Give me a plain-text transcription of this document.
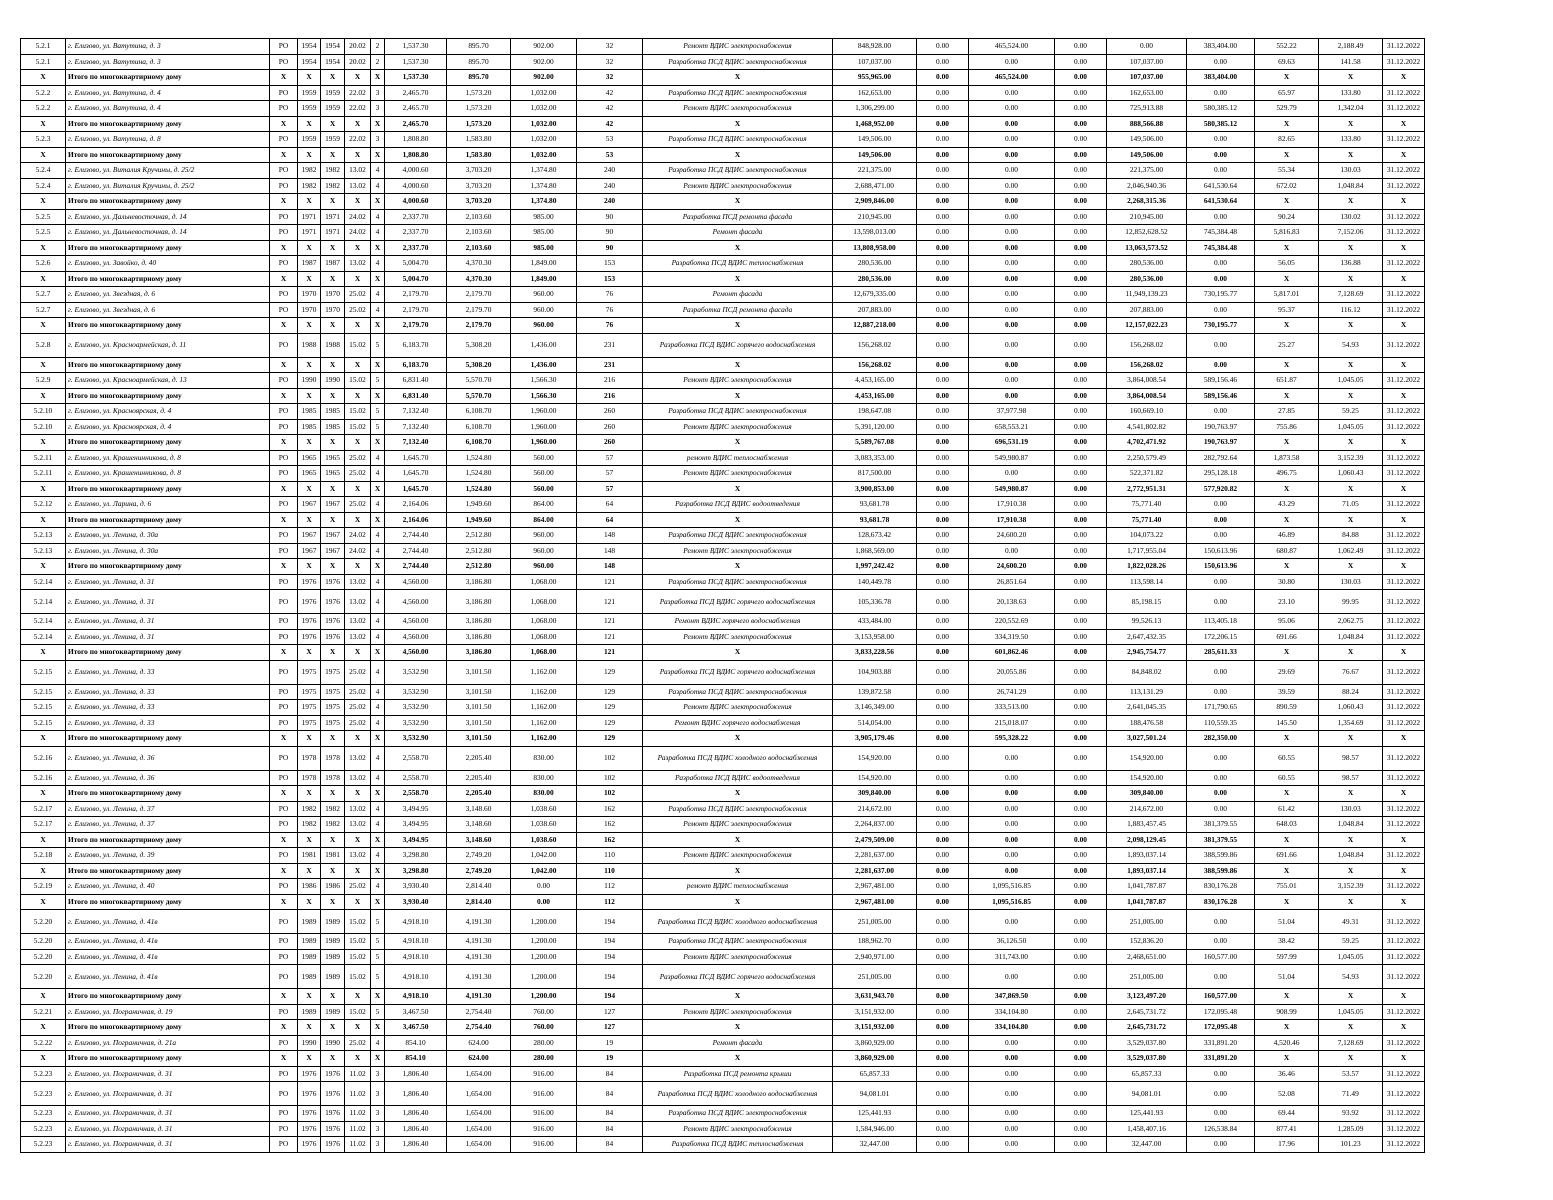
5.2.1	г. Елизово, ул. Ватутина, д. 3	РО	1954	1954	20.02	2	1,537.30	895.70	902.00	32	Ремонт ВДИС электроснабжения	848,928.00	0.00	465,524.00	0.00	0.00	383,404.00	552.22	2,188.49	31.12.2022
5.2.1	г. Елизово, ул. Ватутина, д. 3	РО	1954	1954	20.02	2	1,537.30	895.70	902.00	32	Разработка ПСД ВДИС электроснабжения	107,037.00	0.00	0.00	0.00	107,037.00	0.00	69.63	141.58	31.12.2022
X	Итого по многоквартирному дому	X	X	X	X	X	1,537.30	895.70	902.00	32	X	955,965.00	0.00	465,524.00	0.00	107,037.00	383,404.00	X	X	X
5.2.2	г. Елизово, ул. Ватутина, д. 4	РО	1959	1959	22.02	3	2,465.70	1,573.20	1,032.00	42	Разработка ПСД ВДИС электроснабжения	162,653.00	0.00	0.00	0.00	162,653.00	0.00	65.97	133.80	31.12.2022
5.2.2	г. Елизово, ул. Ватутина, д. 4	РО	1959	1959	22.02	3	2,465.70	1,573.20	1,032.00	42	Ремонт ВДИС электроснабжения	1,306,299.00	0.00	0.00	0.00	725,913.88	580,385.12	529.79	1,342.04	31.12.2022
X	Итого по многоквартирному дому	X	X	X	X	X	2,465.70	1,573.20	1,032.00	42	X	1,468,952.00	0.00	0.00	0.00	888,566.88	580,385.12	X	X	X
5.2.3	г. Елизово, ул. Ватутина, д. 8	РО	1959	1959	22.02	3	1,808.80	1,583.80	1,032.00	53	Разработка ПСД ВДИС электроснабжения	149,506.00	0.00	0.00	0.00	149,506.00	0.00	82.65	133.80	31.12.2022
X	Итого по многоквартирному дому	X	X	X	X	X	1,808.80	1,583.80	1,032.00	53	X	149,506.00	0.00	0.00	0.00	149,506.00	0.00	X	X	X
5.2.4	г. Елизово, ул. Виталия Кручины, д. 25/2	РО	1982	1982	13.02	4	4,000.60	3,703.20	1,374.80	240	Разработка ПСД ВДИС электроснабжения	221,375.00	0.00	0.00	0.00	221,375.00	0.00	55.34	130.03	31.12.2022
5.2.4	г. Елизово, ул. Виталия Кручины, д. 25/2	РО	1982	1982	13.02	4	4,000.60	3,703.20	1,374.80	240	Ремонт ВДИС электроснабжения	2,688,471.00	0.00	0.00	0.00	2,046,940.36	641,530.64	672.02	1,048.84	31.12.2022
X	Итого по многоквартирному дому	X	X	X	X	X	4,000.60	3,703.20	1,374.80	240	X	2,909,846.00	0.00	0.00	0.00	2,268,315.36	641,530.64	X	X	X
5.2.5	г. Елизово, ул. Дальневосточная, д. 14	РО	1971	1971	24.02	4	2,337.70	2,103.60	985.00	90	Разработка ПСД ремонта фасада	210,945.00	0.00	0.00	0.00	210,945.00	0.00	90.24	130.02	31.12.2022
5.2.5	г. Елизово, ул. Дальневосточная, д. 14	РО	1971	1971	24.02	4	2,337.70	2,103.60	985.00	90	Ремонт фасада	13,598,013.00	0.00	0.00	0.00	12,852,628.52	745,384.48	5,816.83	7,152.06	31.12.2022
X	Итого по многоквартирному дому	X	X	X	X	X	2,337.70	2,103.60	985.00	90	X	13,808,958.00	0.00	0.00	0.00	13,063,573.52	745,384.48	X	X	X
5.2.6	г. Елизово, ул. Завойко, д. 40	РО	1987	1987	13.02	4	5,004.70	4,370.30	1,849.00	153	Разработка ПСД ВДИС теплоснабжения	280,536.00	0.00	0.00	0.00	280,536.00	0.00	56.05	136.88	31.12.2022
X	Итого по многоквартирному дому	X	X	X	X	X	5,004.70	4,370.30	1,849.00	153	X	280,536.00	0.00	0.00	0.00	280,536.00	0.00	X	X	X
5.2.7	г. Елизово, ул. Звездная, д. 6	РО	1970	1970	25.02	4	2,179.70	2,179.70	960.00	76	Ремонт фасада	12,679,335.00	0.00	0.00	0.00	11,949,139.23	730,195.77	5,817.01	7,128.69	31.12.2022
5.2.7	г. Елизово, ул. Звездная, д. 6	РО	1970	1970	25.02	4	2,179.70	2,179.70	960.00	76	Разработка ПСД ремонта фасада	207,883.00	0.00	0.00	0.00	207,883.00	0.00	95.37	116.12	31.12.2022
X	Итого по многоквартирному дому	X	X	X	X	X	2,179.70	2,179.70	960.00	76	X	12,887,218.00	0.00	0.00	0.00	12,157,022.23	730,195.77	X	X	X
5.2.8	г. Елизово, ул. Красноармейская, д. 11	РО	1988	1988	15.02	5	6,183.70	5,308.20	1,436.00	231	Разработка ПСД ВДИС горячего водоснабжения	156,268.02	0.00	0.00	0.00	156,268.02	0.00	25.27	54.93	31.12.2022
X	Итого по многоквартирному дому	X	X	X	X	X	6,183.70	5,308.20	1,436.00	231	X	156,268.02	0.00	0.00	0.00	156,268.02	0.00	X	X	X
5.2.9	г. Елизово, ул. Красноармейская, д. 13	РО	1990	1990	15.02	5	6,831.40	5,570.70	1,566.30	216	Ремонт ВДИС электроснабжения	4,453,165.00	0.00	0.00	0.00	3,864,008.54	589,156.46	651.87	1,045.05	31.12.2022
X	Итого по многоквартирному дому	X	X	X	X	X	6,831.40	5,570.70	1,566.30	216	X	4,453,165.00	0.00	0.00	0.00	3,864,008.54	589,156.46	X	X	X
5.2.10	г. Елизово, ул. Красноярская, д. 4	РО	1985	1985	15.02	5	7,132.40	6,108.70	1,960.00	260	Разработка ПСД ВДИС электроснабжения	198,647.08	0.00	37,977.98	0.00	160,669.10	0.00	27.85	59.25	31.12.2022
5.2.10	г. Елизово, ул. Красноярская, д. 4	РО	1985	1985	15.02	5	7,132.40	6,108.70	1,960.00	260	Ремонт ВДИС электроснабжения	5,391,120.00	0.00	658,553.21	0.00	4,541,802.82	190,763.97	755.86	1,045.05	31.12.2022
X	Итого по многоквартирному дому	X	X	X	X	X	7,132.40	6,108.70	1,960.00	260	X	5,589,767.08	0.00	696,531.19	0.00	4,702,471.92	190,763.97	X	X	X
5.2.11	г. Елизово, ул. Крашенинникова, д. 8	РО	1965	1965	25.02	4	1,645.70	1,524.80	560.00	57	ремонт ВДИС теплоснабжения	3,083,353.00	0.00	549,980.87	0.00	2,250,579.49	282,792.64	1,873.58	3,152.39	31.12.2022
5.2.11	г. Елизово, ул. Крашенинникова, д. 8	РО	1965	1965	25.02	4	1,645.70	1,524.80	560.00	57	Ремонт ВДИС электроснабжения	817,500.00	0.00	0.00	0.00	522,371.82	295,128.18	496.75	1,060.43	31.12.2022
X	Итого по многоквартирному дому	X	X	X	X	X	1,645.70	1,524.80	560.00	57	X	3,900,853.00	0.00	549,980.87	0.00	2,772,951.31	577,920.82	X	X	X
5.2.12	г. Елизово, ул. Ларина, д. 6	РО	1967	1967	25.02	4	2,164.06	1,949.60	864.00	64	Разработка ПСД ВДИС водоотведения	93,681.78	0.00	17,910.38	0.00	75,771.40	0.00	43.29	71.05	31.12.2022
X	Итого по многоквартирному дому	X	X	X	X	X	2,164.06	1,949.60	864.00	64	X	93,681.78	0.00	17,910.38	0.00	75,771.40	0.00	X	X	X
5.2.13	г. Елизово, ул. Ленина, д. 30а	РО	1967	1967	24.02	4	2,744.40	2,512.80	960.00	148	Разработка ПСД ВДИС электроснабжения	128,673.42	0.00	24,600.20	0.00	104,073.22	0.00	46.89	84.88	31.12.2022
5.2.13	г. Елизово, ул. Ленина, д. 30а	РО	1967	1967	24.02	4	2,744.40	2,512.80	960.00	148	Ремонт ВДИС электроснабжения	1,868,569.00	0.00	0.00	0.00	1,717,955.04	150,613.96	680.87	1,062.49	31.12.2022
X	Итого по многоквартирному дому	X	X	X	X	X	2,744.40	2,512.80	960.00	148	X	1,997,242.42	0.00	24,600.20	0.00	1,822,028.26	150,613.96	X	X	X
5.2.14	г. Елизово, ул. Ленина, д. 31	РО	1976	1976	13.02	4	4,560.00	3,186.80	1,068.00	121	Разработка ПСД ВДИС электроснабжения	140,449.78	0.00	26,851.64	0.00	113,598.14	0.00	30.80	130.03	31.12.2022
5.2.14	г. Елизово, ул. Ленина, д. 31	РО	1976	1976	13.02	4	4,560.00	3,186.80	1,068.00	121	Разработка ПСД ВДИС горячего водоснабжения	105,336.78	0.00	20,138.63	0.00	85,198.15	0.00	23.10	99.95	31.12.2022
5.2.14	г. Елизово, ул. Ленина, д. 31	РО	1976	1976	13.02	4	4,560.00	3,186.80	1,068.00	121	Ремонт ВДИС горячего водоснабжения	433,484.00	0.00	220,552.69	0.00	99,526.13	113,405.18	95.06	2,062.75	31.12.2022
5.2.14	г. Елизово, ул. Ленина, д. 31	РО	1976	1976	13.02	4	4,560.00	3,186.80	1,068.00	121	Ремонт ВДИС электроснабжения	3,153,958.00	0.00	334,319.50	0.00	2,647,432.35	172,206.15	691.66	1,048.84	31.12.2022
X	Итого по многоквартирному дому	X	X	X	X	X	4,560.00	3,186.80	1,068.00	121	X	3,833,228.56	0.00	601,862.46	0.00	2,945,754.77	285,611.33	X	X	X
5.2.15	г. Елизово, ул. Ленина, д. 33	РО	1975	1975	25.02	4	3,532.90	3,101.50	1,162.00	129	Разработка ПСД ВДИС горячего водоснабжения	104,903.88	0.00	20,055.86	0.00	84,848.02	0.00	29.69	76.67	31.12.2022
5.2.15	г. Елизово, ул. Ленина, д. 33	РО	1975	1975	25.02	4	3,532.90	3,101.50	1,162.00	129	Разработка ПСД ВДИС электроснабжения	139,872.58	0.00	26,741.29	0.00	113,131.29	0.00	39.59	88.24	31.12.2022
5.2.15	г. Елизово, ул. Ленина, д. 33	РО	1975	1975	25.02	4	3,532.90	3,101.50	1,162.00	129	Ремонт ВДИС электроснабжения	3,146,349.00	0.00	333,513.00	0.00	2,641,045.35	171,790.65	890.59	1,060.43	31.12.2022
5.2.15	г. Елизово, ул. Ленина, д. 33	РО	1975	1975	25.02	4	3,532.90	3,101.50	1,162.00	129	Ремонт ВДИС горячего водоснабжения	514,054.00	0.00	215,018.07	0.00	188,476.58	110,559.35	145.50	1,354.69	31.12.2022
X	Итого по многоквартирному дому	X	X	X	X	X	3,532.90	3,101.50	1,162.00	129	X	3,905,179.46	0.00	595,328.22	0.00	3,027,501.24	282,350.00	X	X	X
5.2.16	г. Елизово, ул. Ленина, д. 36	РО	1978	1978	13.02	4	2,558.70	2,205.40	830.00	102	Разработка ПСД ВДИС холодного водоснабжения	154,920.00	0.00	0.00	0.00	154,920.00	0.00	60.55	98.57	31.12.2022
5.2.16	г. Елизово, ул. Ленина, д. 36	РО	1978	1978	13.02	4	2,558.70	2,205.40	830.00	102	Разработка ПСД ВДИС водоотведения	154,920.00	0.00	0.00	0.00	154,920.00	0.00	60.55	98.57	31.12.2022
X	Итого по многоквартирному дому	X	X	X	X	X	2,558.70	2,205.40	830.00	102	X	309,840.00	0.00	0.00	0.00	309,840.00	0.00	X	X	X
5.2.17	г. Елизово, ул. Ленина, д. 37	РО	1982	1982	13.02	4	3,494.95	3,148.60	1,038.60	162	Разработка ПСД ВДИС электроснабжения	214,672.00	0.00	0.00	0.00	214,672.00	0.00	61.42	130.03	31.12.2022
5.2.17	г. Елизово, ул. Ленина, д. 37	РО	1982	1982	13.02	4	3,494.95	3,148.60	1,038.60	162	Ремонт ВДИС электроснабжения	2,264,837.00	0.00	0.00	0.00	1,883,457.45	381,379.55	648.03	1,048.84	31.12.2022
X	Итого по многоквартирному дому	X	X	X	X	X	3,494.95	3,148.60	1,038.60	162	X	2,479,509.00	0.00	0.00	0.00	2,098,129.45	381,379.55	X	X	X
5.2.18	г. Елизово, ул. Ленина, д. 39	РО	1981	1981	13.02	4	3,298.80	2,749.20	1,042.00	110	Ремонт ВДИС электроснабжения	2,281,637.00	0.00	0.00	0.00	1,893,037.14	388,599.86	691.66	1,048.84	31.12.2022
X	Итого по многоквартирному дому	X	X	X	X	X	3,298.80	2,749.20	1,042.00	110	X	2,281,637.00	0.00	0.00	0.00	1,893,037.14	388,599.86	X	X	X
5.2.19	г. Елизово, ул. Ленина, д. 40	РО	1986	1986	25.02	4	3,930.40	2,814.40	0.00	112	ремонт ВДИС теплоснабжения	2,967,481.00	0.00	1,095,516.85	0.00	1,041,787.87	830,176.28	755.01	3,152.39	31.12.2022
X	Итого по многоквартирному дому	X	X	X	X	X	3,930.40	2,814.40	0.00	112	X	2,967,481.00	0.00	1,095,516.85	0.00	1,041,787.87	830,176.28	X	X	X
5.2.20	г. Елизово, ул. Ленина, д. 41в	РО	1989	1989	15.02	5	4,918.10	4,191.30	1,200.00	194	Разработка ПСД ВДИС холодного водоснабжения	251,005.00	0.00	0.00	0.00	251,005.00	0.00	51.04	49.31	31.12.2022
5.2.20	г. Елизово, ул. Ленина, д. 41в	РО	1989	1989	15.02	5	4,918.10	4,191.30	1,200.00	194	Разработка ПСД ВДИС электроснабжения	188,962.70	0.00	36,126.50	0.00	152,836.20	0.00	38.42	59.25	31.12.2022
5.2.20	г. Елизово, ул. Ленина, д. 41в	РО	1989	1989	15.02	5	4,918.10	4,191.30	1,200.00	194	Ремонт ВДИС электроснабжения	2,940,971.00	0.00	311,743.00	0.00	2,468,651.00	160,577.00	597.99	1,045.05	31.12.2022
5.2.20	г. Елизово, ул. Ленина, д. 41в	РО	1989	1989	15.02	5	4,918.10	4,191.30	1,200.00	194	Разработка ПСД ВДИС горячего водоснабжения	251,005.00	0.00	0.00	0.00	251,005.00	0.00	51.04	54.93	31.12.2022
X	Итого по многоквартирному дому	X	X	X	X	X	4,918.10	4,191.30	1,200.00	194	X	3,631,943.70	0.00	347,869.50	0.00	3,123,497.20	160,577.00	X	X	X
5.2.21	г. Елизово, ул. Пограничная, д. 19	РО	1989	1989	15.02	5	3,467.50	2,754.40	760.00	127	Ремонт ВДИС электроснабжения	3,151,932.00	0.00	334,104.80	0.00	2,645,731.72	172,095.48	908.99	1,045.05	31.12.2022
X	Итого по многоквартирному дому	X	X	X	X	X	3,467.50	2,754.40	760.00	127	X	3,151,932.00	0.00	334,104.80	0.00	2,645,731.72	172,095.48	X	X	X
5.2.22	г. Елизово, ул. Пограничная, д. 21а	РО	1990	1990	25.02	4	854.10	624.00	280.00	19	Ремонт фасада	3,860,929.00	0.00	0.00	0.00	3,529,037.80	331,891.20	4,520.46	7,128.69	31.12.2022
X	Итого по многоквартирному дому	X	X	X	X	X	854.10	624.00	280.00	19	X	3,860,929.00	0.00	0.00	0.00	3,529,037.80	331,891.20	X	X	X
5.2.23	г. Елизово, ул. Пограничная, д. 31	РО	1976	1976	11.02	3	1,806.40	1,654.00	916.00	84	Разработка ПСД ремонта крыши	65,857.33	0.00	0.00	0.00	65,857.33	0.00	36.46	53.57	31.12.2022
5.2.23	г. Елизово, ул. Пограничная, д. 31	РО	1976	1976	11.02	3	1,806.40	1,654.00	916.00	84	Разработка ПСД ВДИС холодного водоснабжения	94,081.01	0.00	0.00	0.00	94,081.01	0.00	52.08	71.49	31.12.2022
5.2.23	г. Елизово, ул. Пограничная, д. 31	РО	1976	1976	11.02	3	1,806.40	1,654.00	916.00	84	Разработка ПСД ВДИС электроснабжения	125,441.93	0.00	0.00	0.00	125,441.93	0.00	69.44	93.92	31.12.2022
5.2.23	г. Елизово, ул. Пограничная, д. 31	РО	1976	1976	11.02	3	1,806.40	1,654.00	916.00	84	Ремонт ВДИС электроснабжения	1,584,946.00	0.00	0.00	0.00	1,458,407.16	126,538.84	877.41	1,285.09	31.12.2022
5.2.23	г. Елизово, ул. Пограничная, д. 31	РО	1976	1976	11.02	3	1,806.40	1,654.00	916.00	84	Разработка ПСД ВДИС теплоснабжения	32,447.00	0.00	0.00	0.00	32,447.00	0.00	17.96	101.23	31.12.2022
